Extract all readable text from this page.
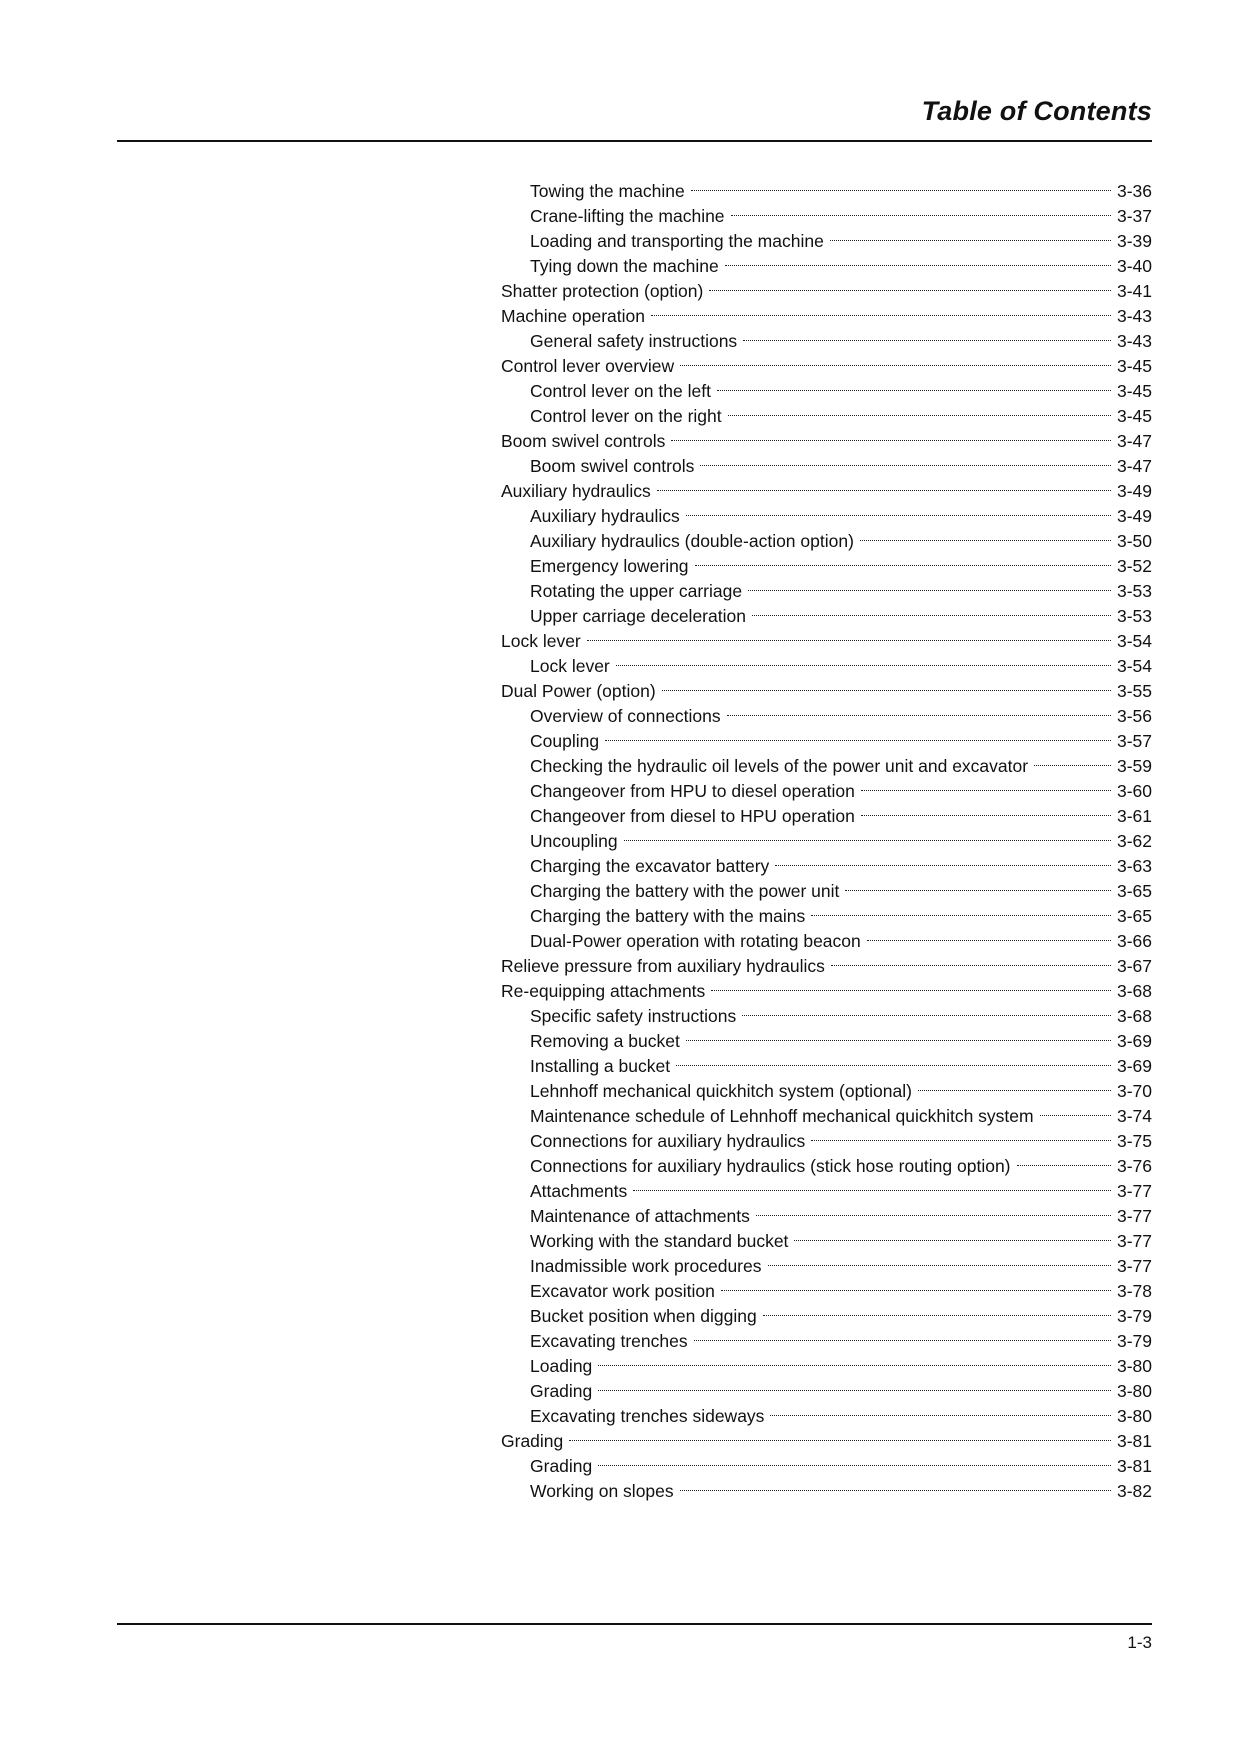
Table of Contents
Towing the machine	3-36
Crane-lifting the machine	3-37
Loading and transporting the machine	3-39
Tying down the machine	3-40
Shatter protection (option)	3-41
Machine operation	3-43
General safety instructions	3-43
Control lever overview	3-45
Control lever on the left	3-45
Control lever on the right	3-45
Boom swivel controls	3-47
Boom swivel controls	3-47
Auxiliary hydraulics	3-49
Auxiliary hydraulics	3-49
Auxiliary hydraulics (double-action option)	3-50
Emergency lowering	3-52
Rotating the upper carriage	3-53
Upper carriage deceleration	3-53
Lock lever	3-54
Lock lever	3-54
Dual Power (option)	3-55
Overview of connections	3-56
Coupling	3-57
Checking the hydraulic oil levels of the power unit and excavator	3-59
Changeover from HPU to diesel operation	3-60
Changeover from diesel to HPU operation	3-61
Uncoupling	3-62
Charging the excavator battery	3-63
Charging the battery with the power unit	3-65
Charging the battery with the mains	3-65
Dual-Power operation with rotating beacon	3-66
Relieve pressure from auxiliary hydraulics	3-67
Re-equipping attachments	3-68
Specific safety instructions	3-68
Removing a bucket	3-69
Installing a bucket	3-69
Lehnhoff mechanical quickhitch system (optional)	3-70
Maintenance schedule of Lehnhoff mechanical quickhitch system	3-74
Connections for auxiliary hydraulics	3-75
Connections for auxiliary hydraulics (stick hose routing option)	3-76
Attachments	3-77
Maintenance of attachments	3-77
Working with the standard bucket	3-77
Inadmissible work procedures	3-77
Excavator work position	3-78
Bucket position when digging	3-79
Excavating trenches	3-79
Loading	3-80
Grading	3-80
Excavating trenches sideways	3-80
Grading	3-81
Grading	3-81
Working on slopes	3-82
1-3
